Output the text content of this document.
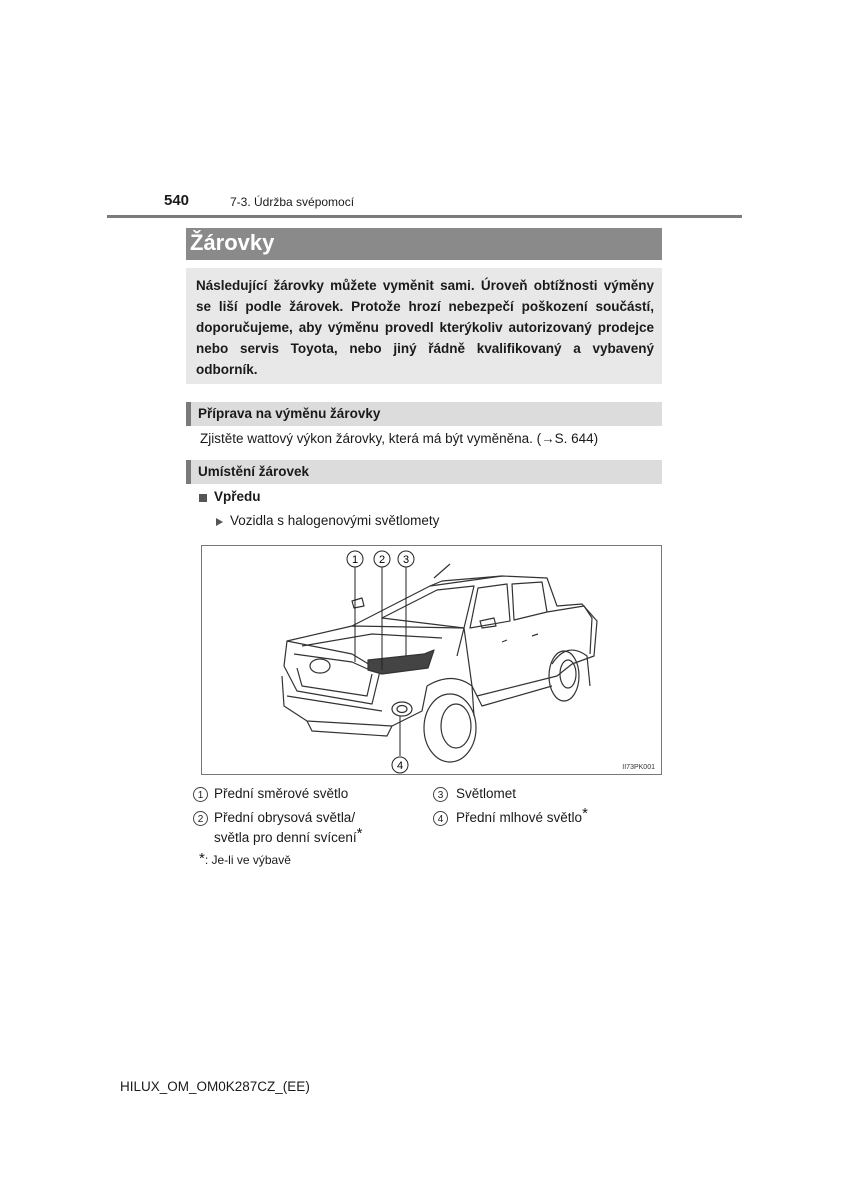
540	7-3. Údržba svépomocí
Žárovky
Následující žárovky můžete vyměnit sami. Úroveň obtížnosti výměny se liší podle žárovek. Protože hrozí nebezpečí poškození součástí, doporučujeme, aby výměnu provedl kterýkoliv autorizovaný prodejce nebo servis Toyota, nebo jiný řádně kvalifikovaný a vybavený odborník.
Příprava na výměnu žárovky
Zjistěte wattový výkon žárovky, která má být vyměněna. (→S. 644)
Umístění žárovek
Vpředu
Vozidla s halogenovými světlomety
1 2 3
4	II73PK001
1 Přední směrové světlo
2 Přední obrysová světla/
světla pro denní svícení*
3 Světlomet
4 Přední mlhové světlo*
*: Je-li ve výbavě
HILUX_OM_OM0K287CZ_(EE)
